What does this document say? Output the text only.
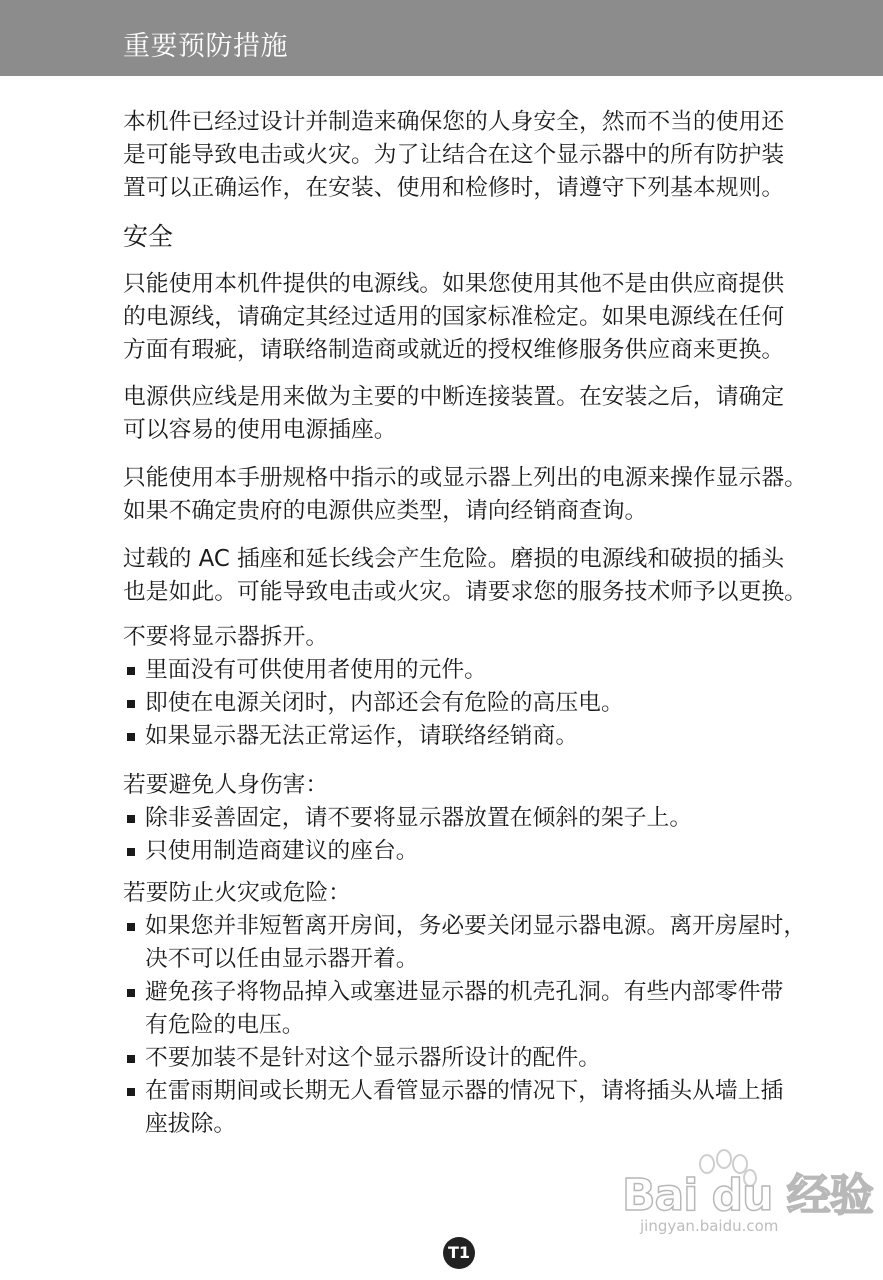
重要预防措施
本机件已经过设计并制造来确保您的人身安全，然而不当的使用还
是可能导致电击或火灾。为了让结合在这个显示器中的所有防护装
置可以正确运作，在安装、使用和检修时，请遵守下列基本规则。
安全
只能使用本机件提供的电源线。如果您使用其他不是由供应商提供
的电源线，请确定其经过适用的国家标准检定。如果电源线在任何
方面有瑕疵，请联络制造商或就近的授权维修服务供应商来更换。
电源供应线是用来做为主要的中断连接装置。在安装之后，请确定
可以容易的使用电源插座。
只能使用本手册规格中指示的或显示器上列出的电源来操作显示器。
如果不确定贵府的电源供应类型，请向经销商查询。
过载的 AC 插座和延长线会产生危险。磨损的电源线和破损的插头
也是如此。可能导致电击或火灾。请要求您的服务技术师予以更换。
不要将显示器拆开。
里面没有可供使用者使用的元件。
即使在电源关闭时，内部还会有危险的高压电。
如果显示器无法正常运作，请联络经销商。
若要避免人身伤害：
除非妥善固定，请不要将显示器放置在倾斜的架子上。
只使用制造商建议的座台。
若要防止火灾或危险：
如果您并非短暂离开房间，务必要关闭显示器电源。离开房屋时，
决不可以任由显示器开着。
避免孩子将物品掉入或塞进显示器的机壳孔洞。有些内部零件带
有危险的电压。
不要加装不是针对这个显示器所设计的配件。
在雷雨期间或长期无人看管显示器的情况下，请将插头从墙上插
座拔除。
Bai du 经验
jingyan.baidu.com
T1
